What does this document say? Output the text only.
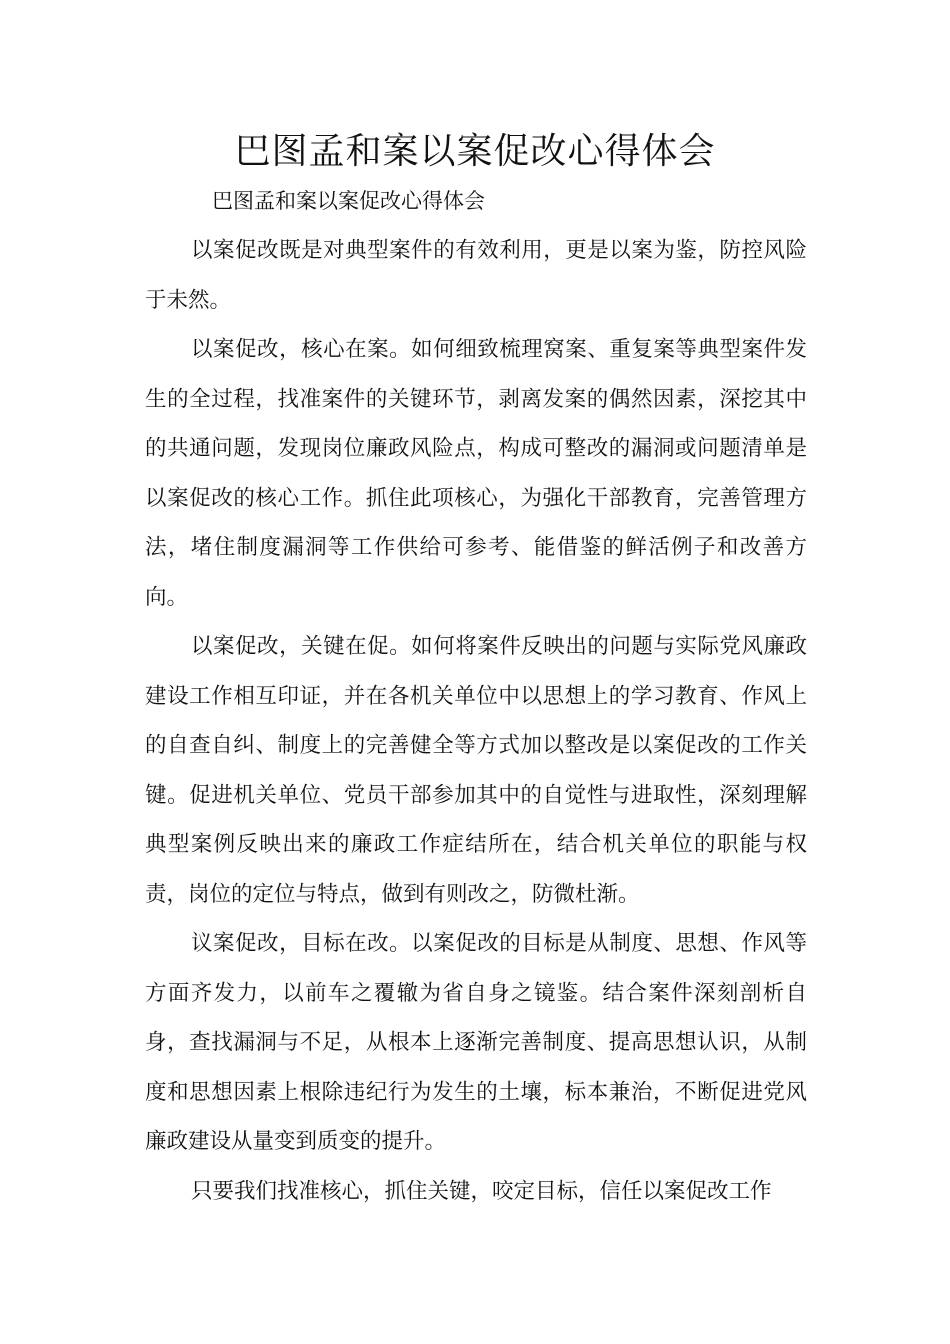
巴图孟和案以案促改心得体会

巴图孟和案以案促改心得体会

以案促改既是对典型案件的有效利用，更是以案为鉴，防控风险于未然。

以案促改，核心在案。如何细致梳理窝案、重复案等典型案件发生的全过程，找准案件的关键环节，剥离发案的偶然因素，深挖其中的共通问题，发现岗位廉政风险点，构成可整改的漏洞或问题清单是以案促改的核心工作。抓住此项核心，为强化干部教育，完善管理方法，堵住制度漏洞等工作供给可参考、能借鉴的鲜活例子和改善方向。

以案促改，关键在促。如何将案件反映出的问题与实际党风廉政建设工作相互印证，并在各机关单位中以思想上的学习教育、作风上的自查自纠、制度上的完善健全等方式加以整改是以案促改的工作关键。促进机关单位、党员干部参加其中的自觉性与进取性，深刻理解典型案例反映出来的廉政工作症结所在，结合机关单位的职能与权责，岗位的定位与特点，做到有则改之，防微杜渐。

议案促改，目标在改。以案促改的目标是从制度、思想、作风等方面齐发力，以前车之覆辙为省自身之镜鉴。结合案件深刻剖析自身，查找漏洞与不足，从根本上逐渐完善制度、提高思想认识，从制度和思想因素上根除违纪行为发生的土壤，标本兼治，不断促进党风廉政建设从量变到质变的提升。

只要我们找准核心，抓住关键，咬定目标，信任以案促改工作
